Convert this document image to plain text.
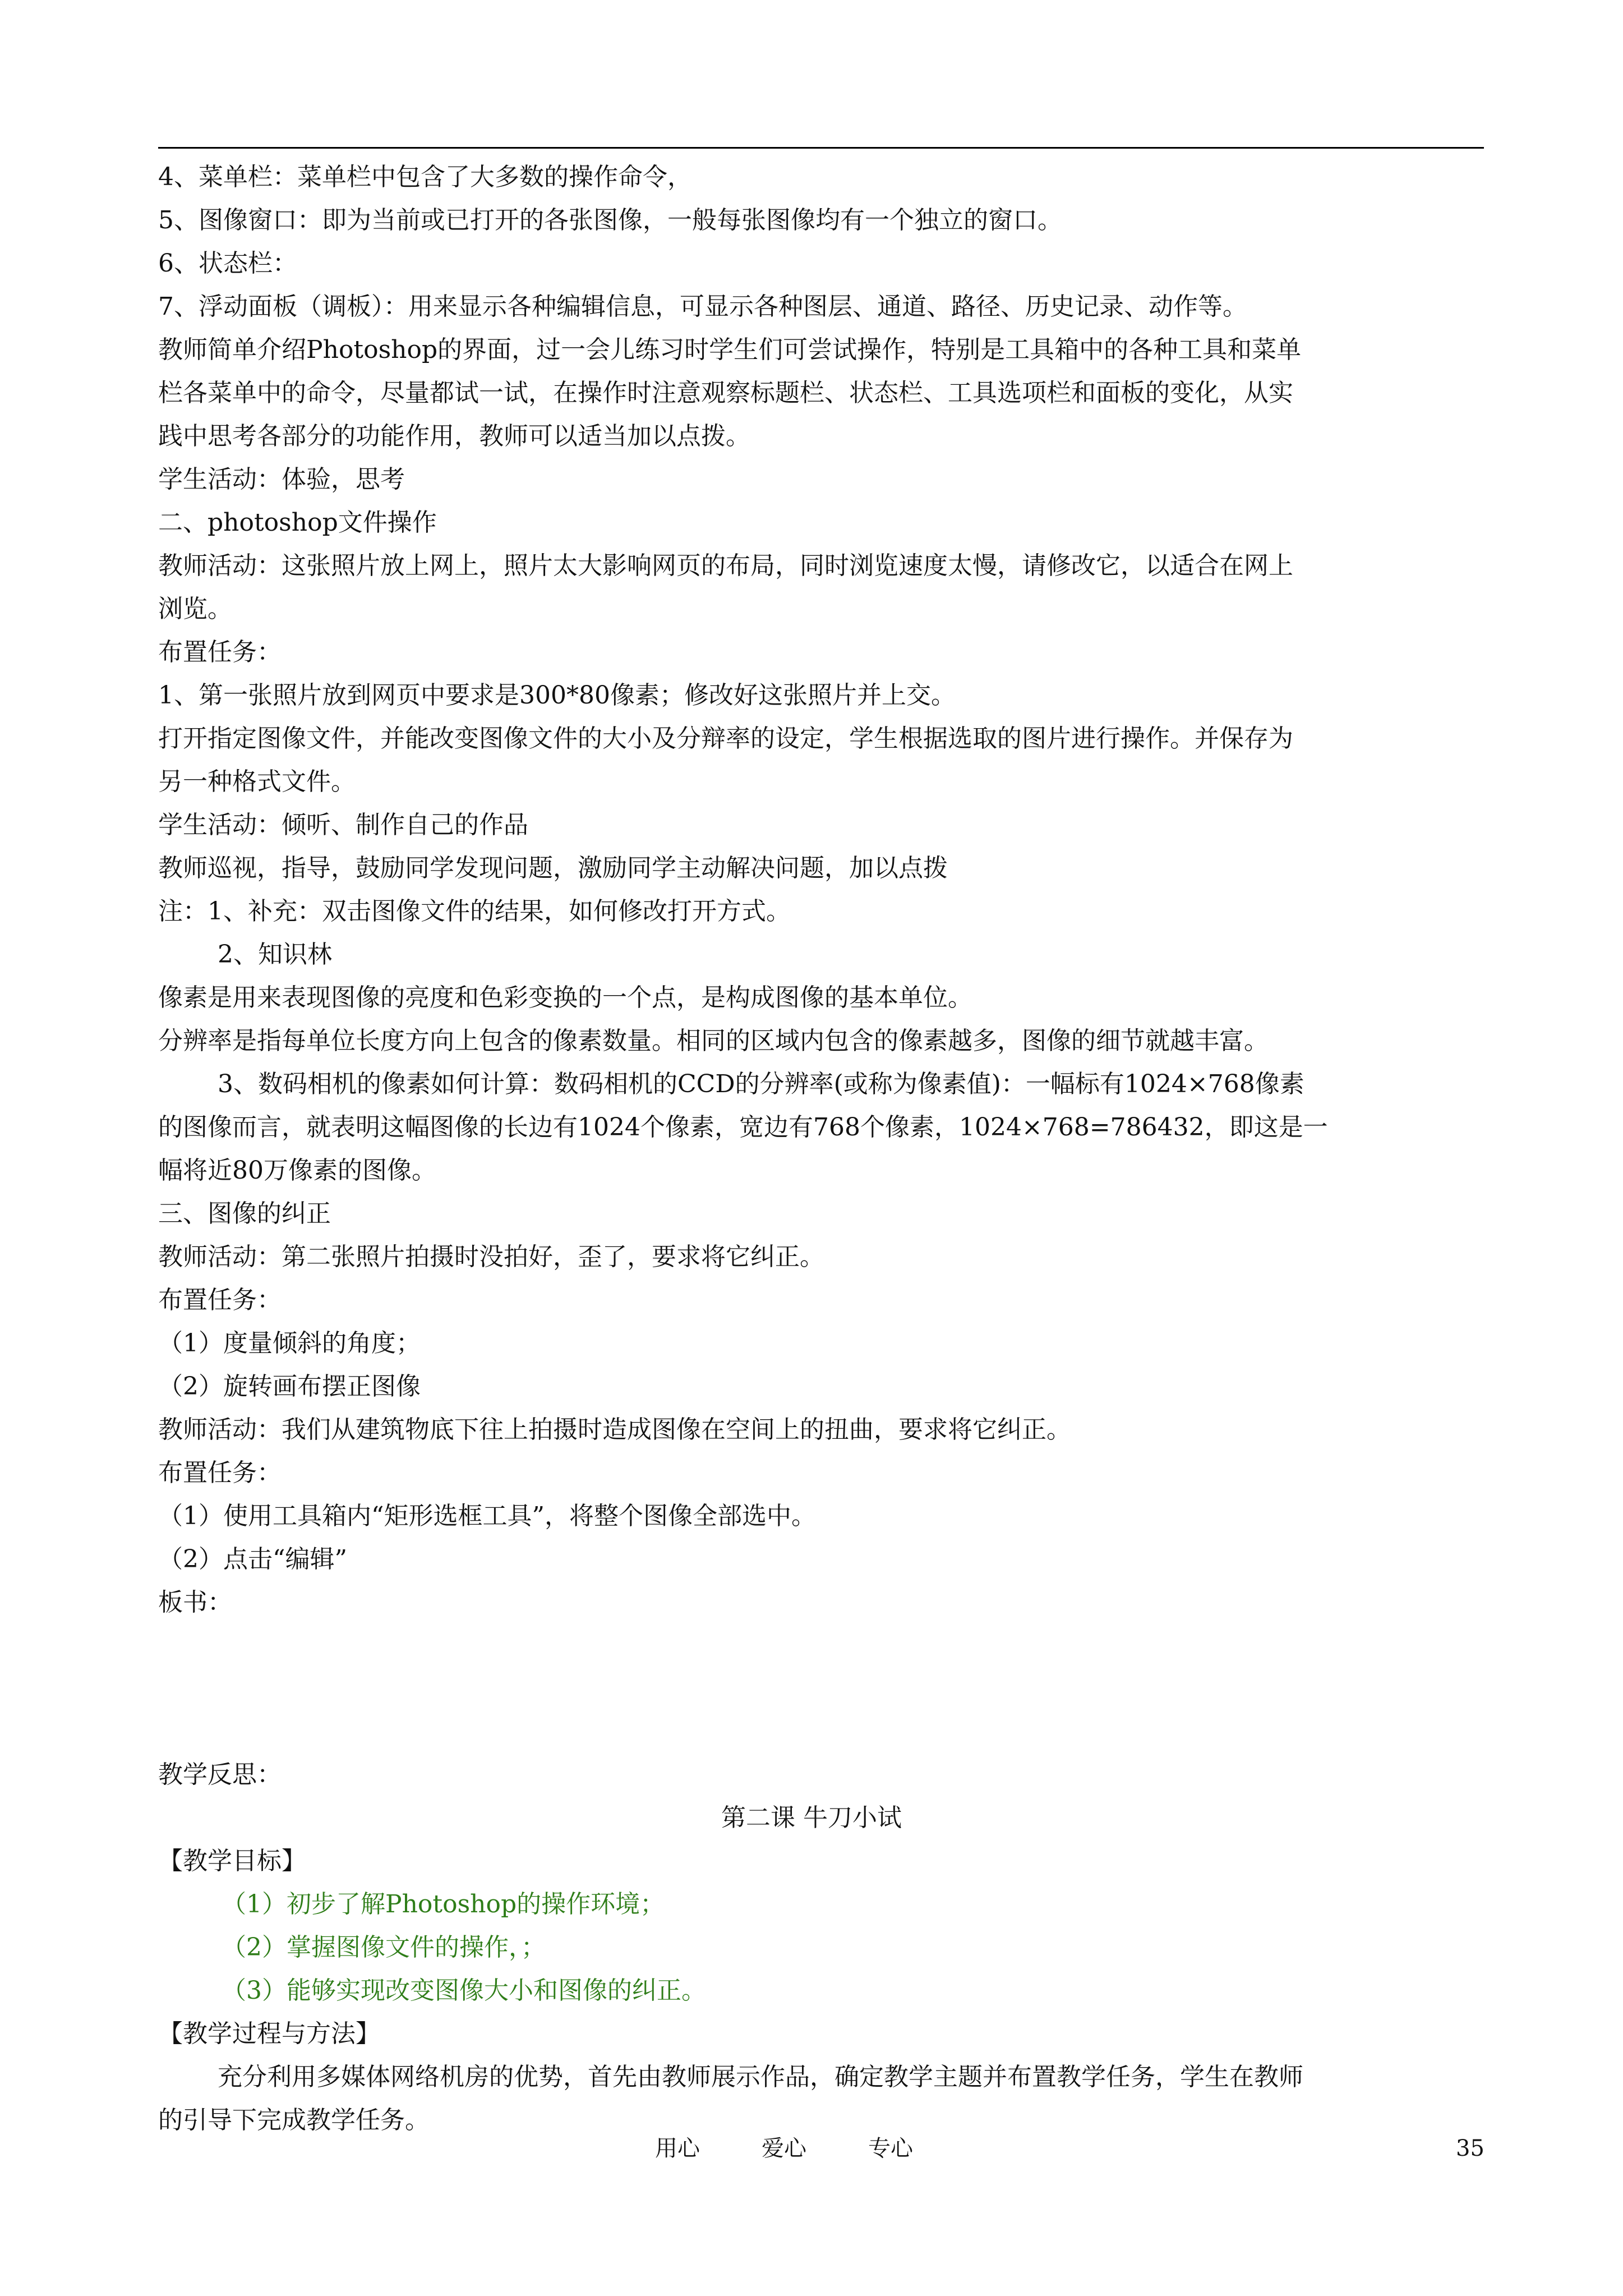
4、菜单栏：菜单栏中包含了大多数的操作命令，

5、图像窗口：即为当前或已打开的各张图像，一般每张图像均有一个独立的窗口。

6、状态栏：

7、浮动面板（调板）：用来显示各种编辑信息，可显示各种图层、通道、路径、历史记录、动作等。

教师简单介绍Photoshop的界面，过一会儿练习时学生们可尝试操作，特别是工具箱中的各种工具和菜单

栏各菜单中的命令，尽量都试一试，在操作时注意观察标题栏、状态栏、工具选项栏和面板的变化，从实

践中思考各部分的功能作用，教师可以适当加以点拨。

学生活动：体验，思考

二、photoshop文件操作

教师活动：这张照片放上网上，照片太大影响网页的布局，同时浏览速度太慢，请修改它，以适合在网上

浏览。

布置任务：

1、第一张照片放到网页中要求是300*80像素；修改好这张照片并上交。

打开指定图像文件，并能改变图像文件的大小及分辩率的设定，学生根据选取的图片进行操作。并保存为

另一种格式文件。

学生活动：倾听、制作自己的作品

教师巡视，指导，鼓励同学发现问题，激励同学主动解决问题，加以点拨

注：1、补充：双击图像文件的结果，如何修改打开方式。

2、知识林

像素是用来表现图像的亮度和色彩变换的一个点，是构成图像的基本单位。

分辨率是指每单位长度方向上包含的像素数量。相同的区域内包含的像素越多，图像的细节就越丰富。

3、数码相机的像素如何计算：数码相机的CCD的分辨率(或称为像素值)：一幅标有1024×768像素

的图像而言，就表明这幅图像的长边有1024个像素，宽边有768个像素，1024×768=786432，即这是一

幅将近80万像素的图像。

三、图像的纠正

教师活动：第二张照片拍摄时没拍好，歪了，要求将它纠正。

布置任务：

（1）度量倾斜的角度；

（2）旋转画布摆正图像

教师活动：我们从建筑物底下往上拍摄时造成图像在空间上的扭曲，要求将它纠正。

布置任务：

（1）使用工具箱内“矩形选框工具”，将整个图像全部选中。

（2）点击“编辑”

板书：

教学反思：

第二课 牛刀小试

【教学目标】

（1）初步了解Photoshop的操作环境；

（2）掌握图像文件的操作，；

（3）能够实现改变图像大小和图像的纠正。

【教学过程与方法】

充分利用多媒体网络机房的优势，首先由教师展示作品，确定教学主题并布置教学任务，学生在教师

的引导下完成教学任务。

用心	爱心	专心	35
